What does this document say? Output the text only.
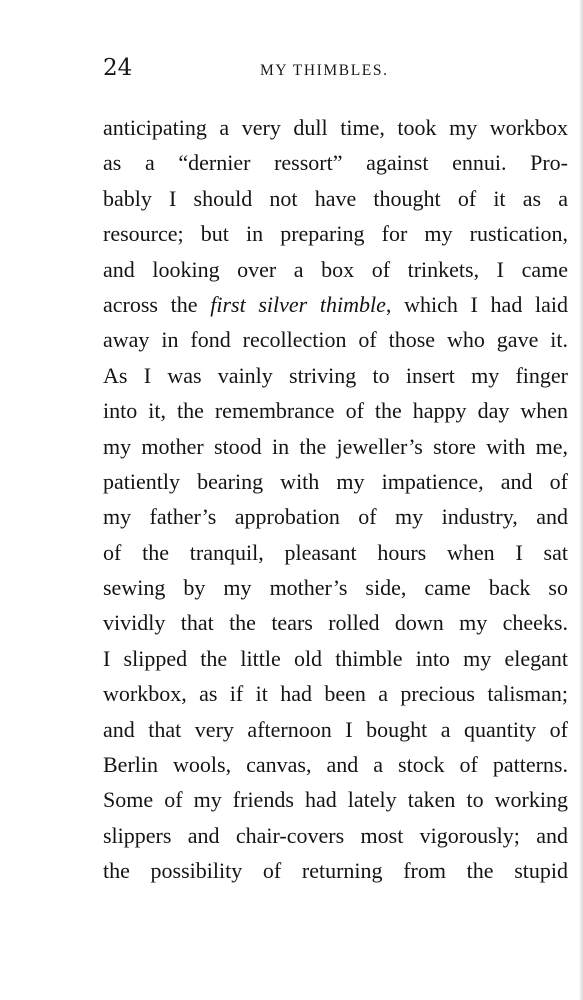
24	MY THIMBLES.
anticipating a very dull time, took my workbox
as a “dernier ressort” against ennui. Pro-
bably I should not have thought of it as a
resource; but in preparing for my rustication,
and looking over a box of trinkets, I came
across the first silver thimble, which I had laid
away in fond recollection of those who gave it.
As I was vainly striving to insert my finger
into it, the remembrance of the happy day when
my mother stood in the jeweller’s store with me,
patiently bearing with my impatience, and of
my father’s approbation of my industry, and
of the tranquil, pleasant hours when I sat
sewing by my mother’s side, came back so
vividly that the tears rolled down my cheeks.
I slipped the little old thimble into my elegant
workbox, as if it had been a precious talisman;
and that very afternoon I bought a quantity of
Berlin wools, canvas, and a stock of patterns.
Some of my friends had lately taken to working
slippers and chair-covers most vigorously; and
the possibility of returning from the stupid
